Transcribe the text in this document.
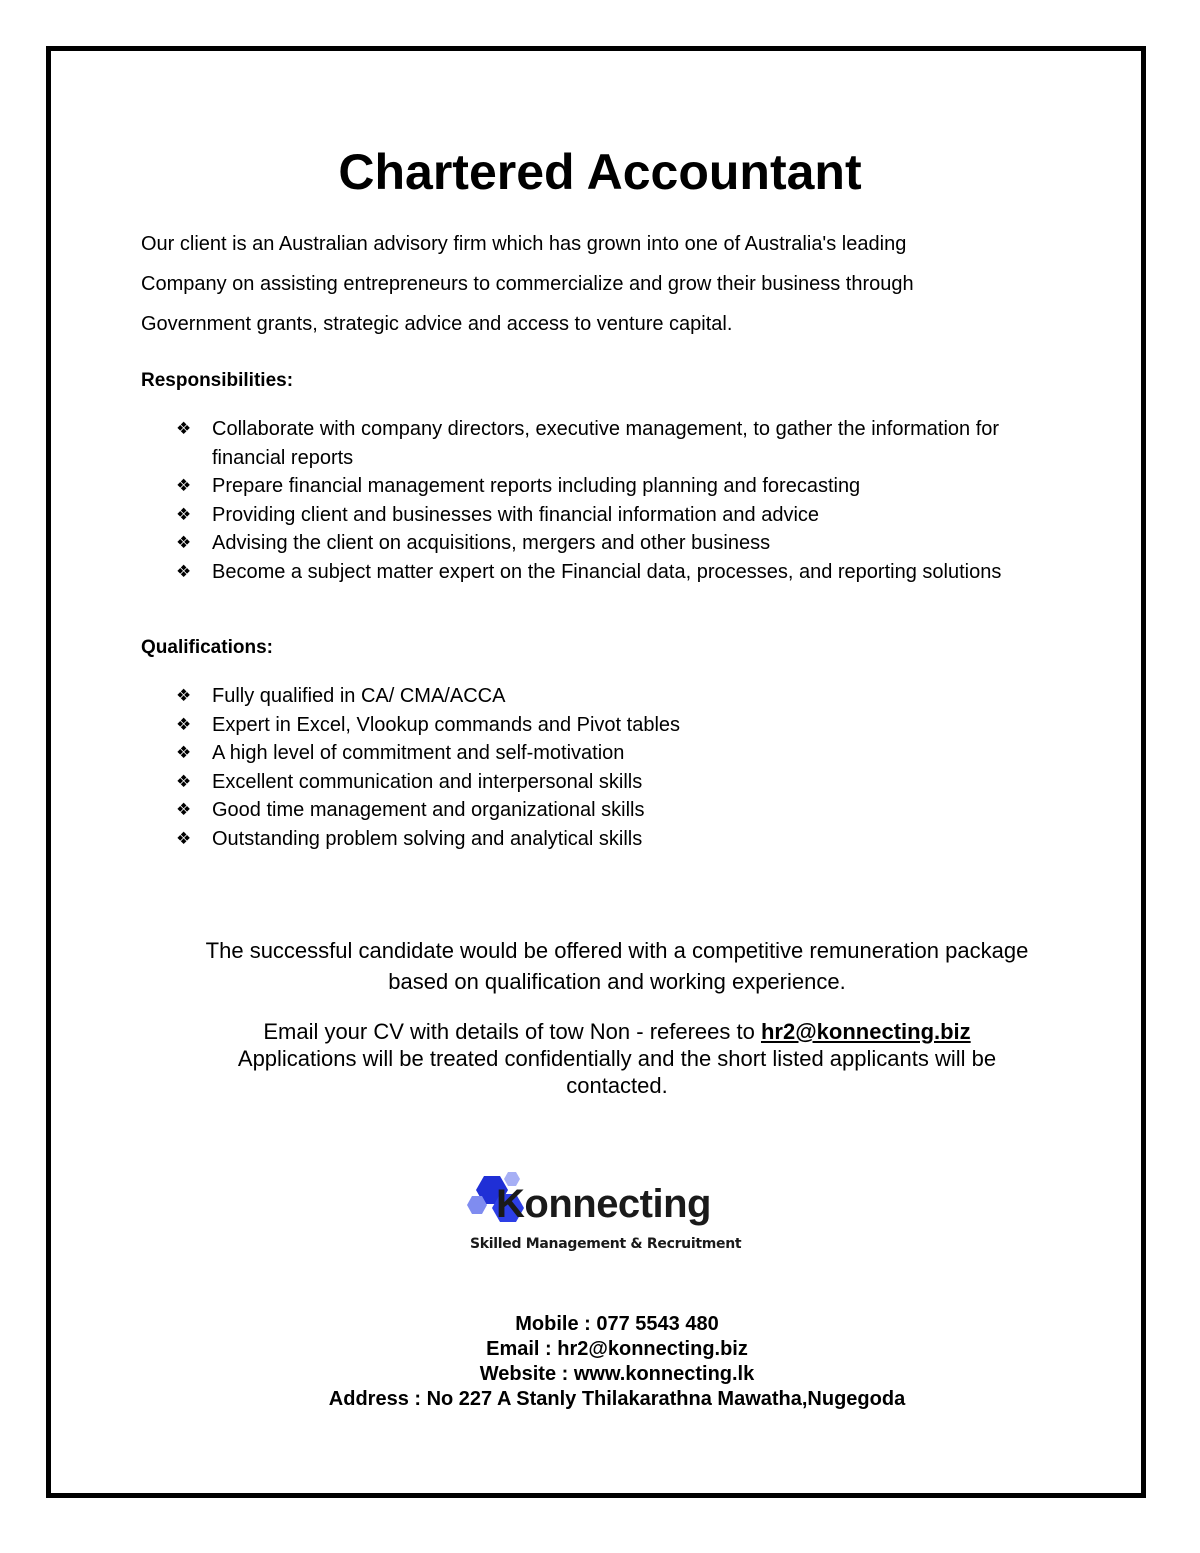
Chartered Accountant
Our client is an Australian advisory firm which has grown into one of Australia's leading
Company on assisting entrepreneurs to commercialize and grow their business through
Government grants, strategic advice and access to venture capital.
Responsibilities:
❖ Collaborate with company directors, executive management, to gather the information for financial reports
❖ Prepare financial management reports including planning and forecasting
❖ Providing client and businesses with financial information and advice
❖ Advising the client on acquisitions, mergers and other business
❖ Become a subject matter expert on the Financial data, processes, and reporting solutions
Qualifications:
❖ Fully qualified in CA/ CMA/ACCA
❖ Expert in Excel, Vlookup commands and Pivot tables
❖ A high level of commitment and self-motivation
❖ Excellent communication and interpersonal skills
❖ Good time management and organizational skills
❖ Outstanding problem solving and analytical skills
The successful candidate would be offered with a competitive remuneration package
based on qualification and working experience.
Email your CV with details of tow Non - referees to hr2@konnecting.biz
Applications will be treated confidentially and the short listed applicants will be
contacted.
Konnecting
Skilled Management & Recruitment
Mobile : 077 5543 480
Email : hr2@konnecting.biz
Website : www.konnecting.lk
Address : No 227 A Stanly Thilakarathna Mawatha,Nugegoda
